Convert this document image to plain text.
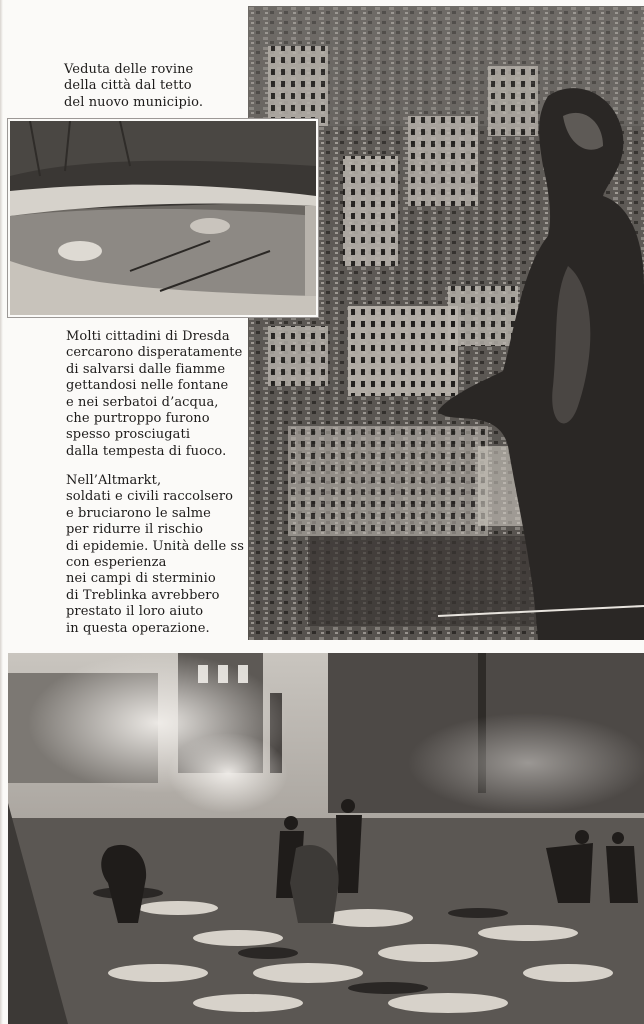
Veduta delle rovine
della città dal tetto
del nuovo municipio.

Molti cittadini di Dresda
cercarono disperatamente
di salvarsi dalle fiamme
gettandosi nelle fontane
e nei serbatoi d’acqua,
che purtroppo furono
spesso prosciugati
dalla tempesta di fuoco.

Nell’Altmarkt,
soldati e civili raccolsero
e bruciarono le salme
per ridurre il rischio
di epidemie. Unità delle ss
con esperienza
nei campi di sterminio
di Treblinka avrebbero
prestato il loro aiuto
in questa operazione.
